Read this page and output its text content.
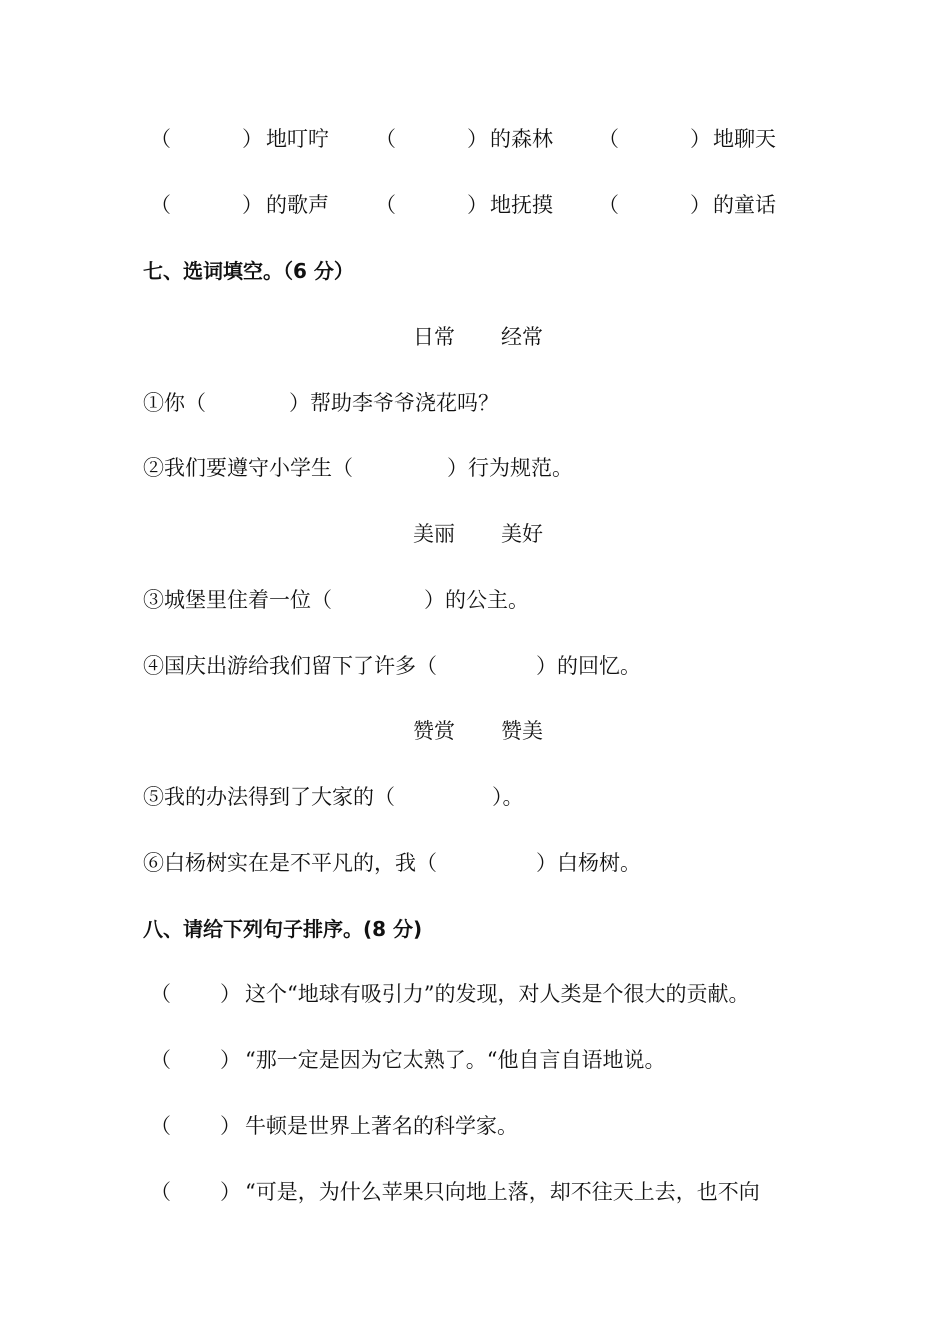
（	） 地叮咛 （	） 的森林 （	） 地聊天
（	） 的歌声 （	） 地抚摸 （	） 的童话
七、选词填空。（6 分）
日常 经常
①你（	）帮助李爷爷浇花吗？
②我们要遵守小学生（	）行为规范。
美丽 美好
③城堡里住着一位（	）的公主。
④国庆出游给我们留下了许多（	）的回忆。
赞赏 赞美
⑤我的办法得到了大家的（	）。
⑥白杨树实在是不平凡的，我（	）白杨树。
八、请给下列句子排序。(8 分)
（ ） 这个“地球有吸引力”的发现，对人类是个很大的贡献。
（ ） “那一定是因为它太熟了。“他自言自语地说。
（ ） 牛顿是世界上著名的科学家。
（ ） “可是，为什么苹果只向地上落，却不往天上去，也不向
